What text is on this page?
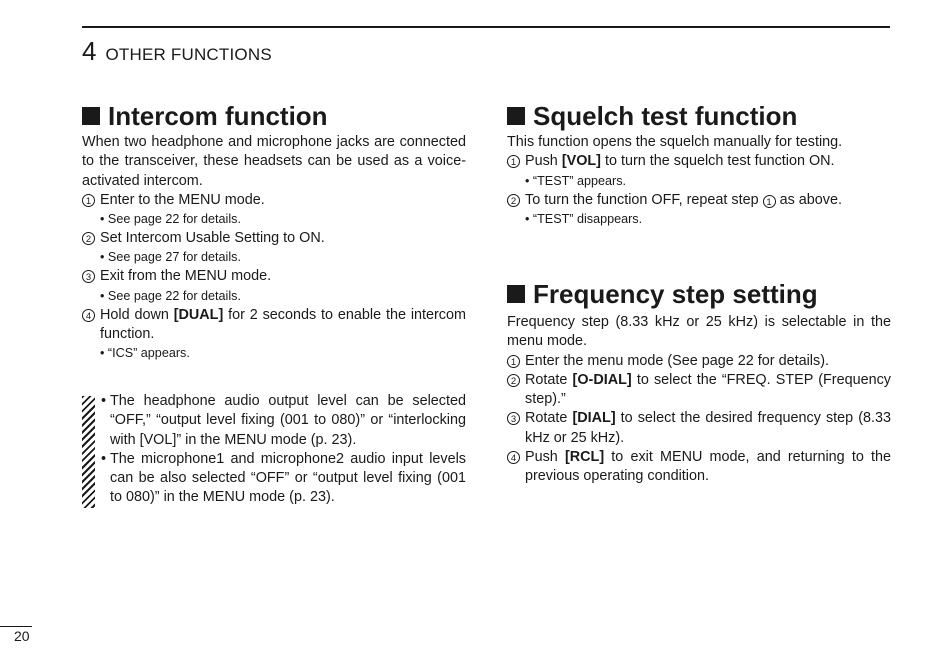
4 OTHER FUNCTIONS
Intercom function

When two headphone and microphone jacks are connected to the transceiver, these headsets can be used as a voice-activated intercom.

1 Enter to the MENU mode.
• See page 22 for details.
2 Set Intercom Usable Setting to ON.
• See page 27 for details.
3 Exit from the MENU mode.
• See page 22 for details.
4 Hold down [DUAL] for 2 seconds to enable the intercom function.
• “ICS” appears.
• The headphone audio output level can be selected “OFF,” “output level fixing (001 to 080)” or “interlocking with [VOL]” in the MENU mode (p. 23).
• The microphone1 and microphone2 audio input levels can be also selected “OFF” or “output level fixing (001 to 080)” in the MENU mode (p. 23).
Squelch test function

This function opens the squelch manually for testing.

1 Push [VOL] to turn the squelch test function ON.
• “TEST” appears.
2 To turn the function OFF, repeat step 1 as above.
• “TEST” disappears.
Frequency step setting

Frequency step (8.33 kHz or 25 kHz) is selectable in the menu mode.

1 Enter the menu mode (See page 22 for details).
2 Rotate [O-DIAL] to select the “FREQ. STEP (Frequency step).”
3 Rotate [DIAL] to select the desired frequency step (8.33 kHz or 25 kHz).
4 Push [RCL] to exit MENU mode, and returning to the previous operating condition.
20
